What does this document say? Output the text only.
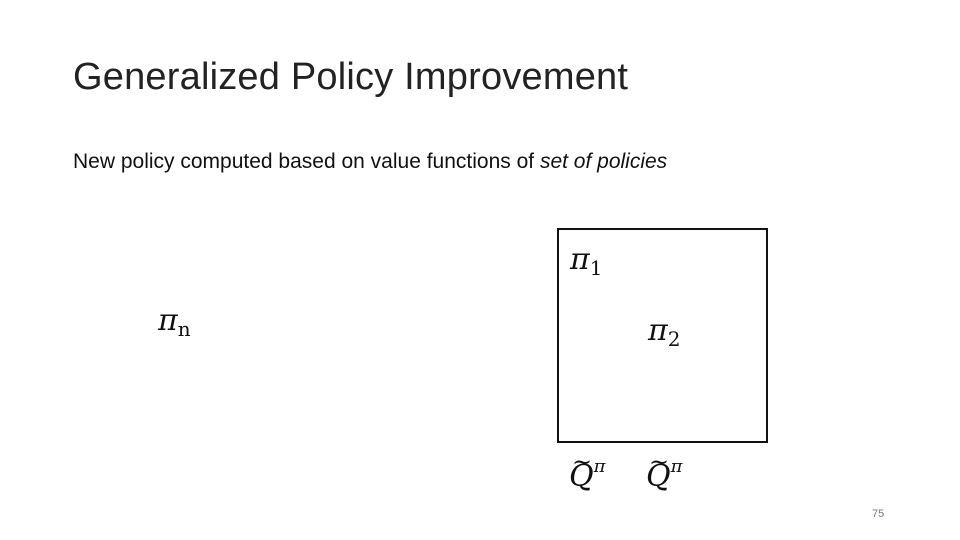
Generalized Policy Improvement
New policy computed based on value functions of set of policies
$\pi_n$
$\pi_1$
$\pi_2$
~ $Q^\pi$
~ $Q^\pi$
75
